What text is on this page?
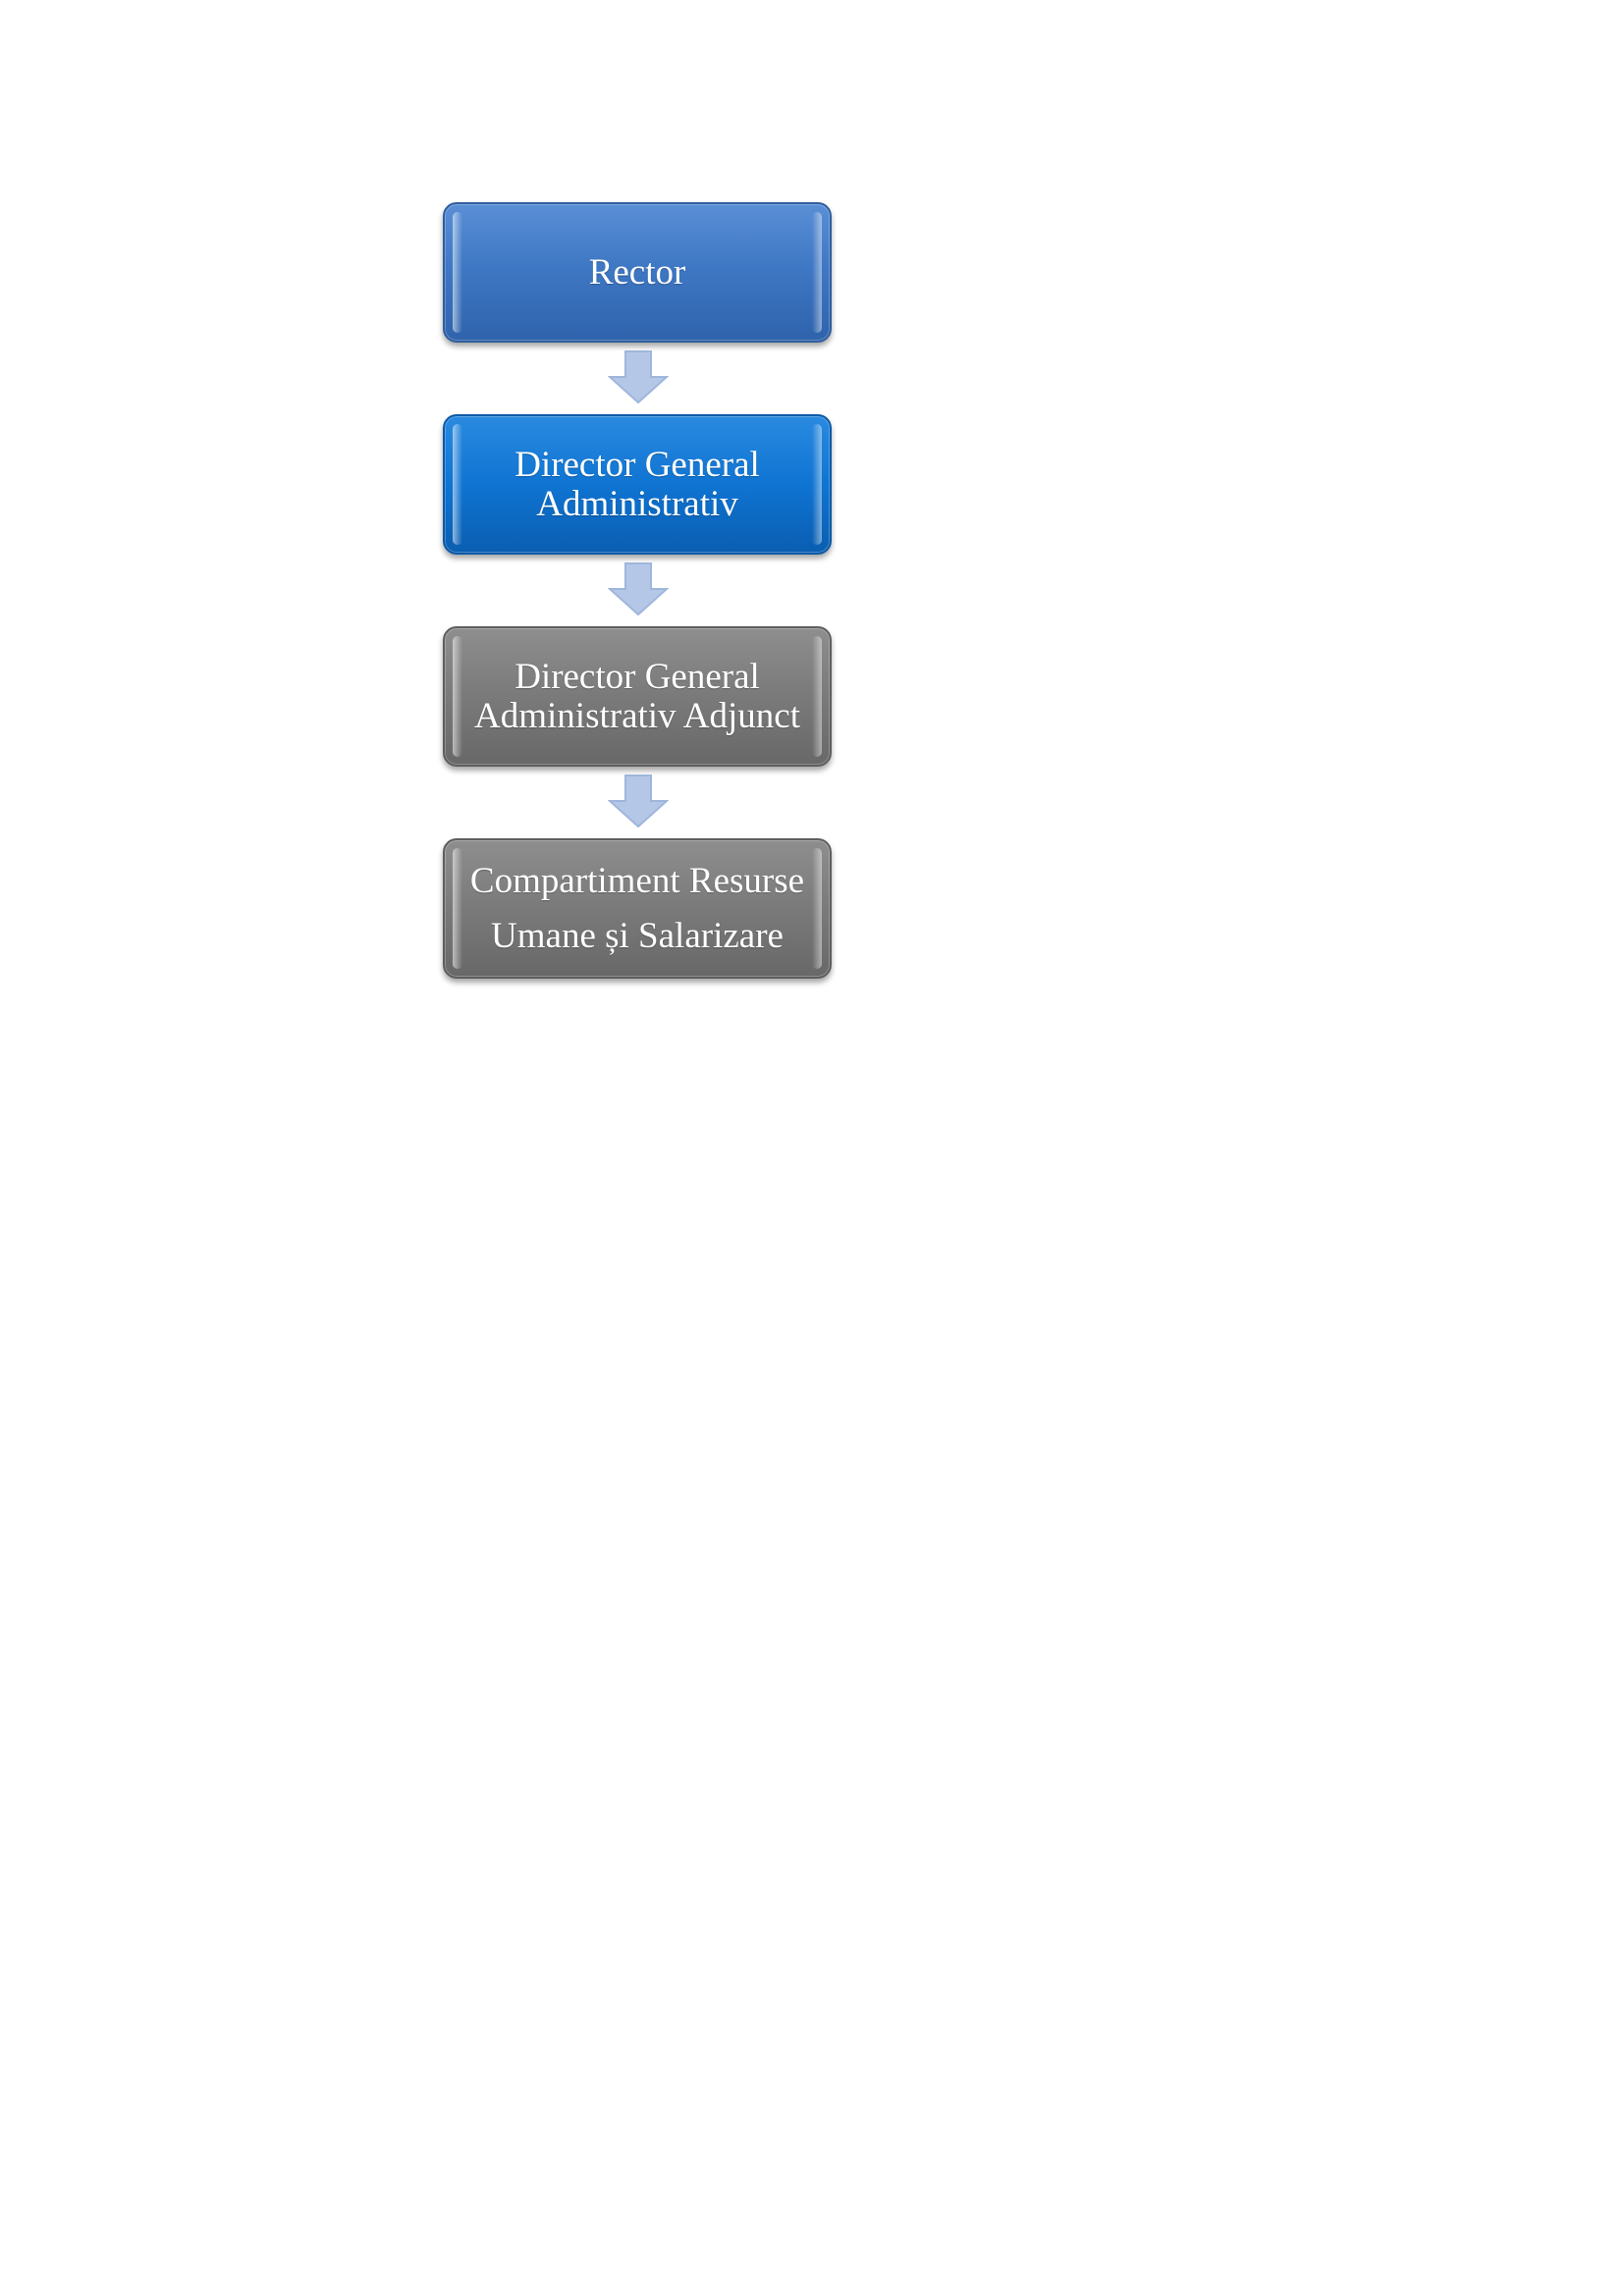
Rector
Director General Administrativ
Director General Administrativ Adjunct
Compartiment Resurse Umane și Salarizare
